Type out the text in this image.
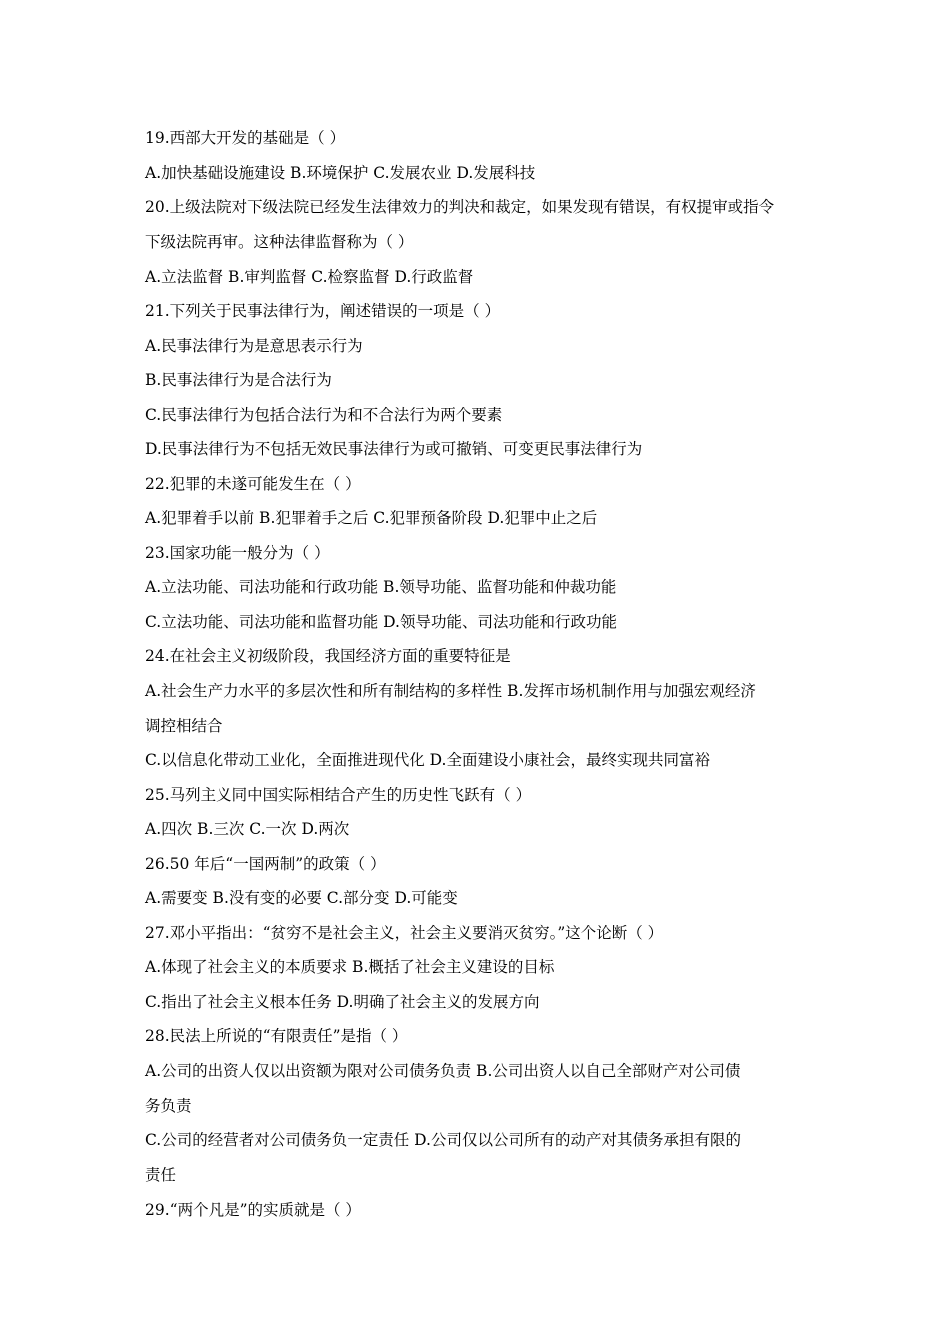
19.西部大开发的基础是（ ）
A.加快基础设施建设 B.环境保护 C.发展农业 D.发展科技
20.上级法院对下级法院已经发生法律效力的判决和裁定，如果发现有错误，有权提审或指令
下级法院再审。这种法律监督称为（ ）
A.立法监督 B.审判监督 C.检察监督 D.行政监督
21.下列关于民事法律行为，阐述错误的一项是（ ）
A.民事法律行为是意思表示行为
B.民事法律行为是合法行为
C.民事法律行为包括合法行为和不合法行为两个要素
D.民事法律行为不包括无效民事法律行为或可撤销、可变更民事法律行为
22.犯罪的未遂可能发生在（ ）
A.犯罪着手以前 B.犯罪着手之后 C.犯罪预备阶段 D.犯罪中止之后
23.国家功能一般分为（ ）
A.立法功能、司法功能和行政功能 B.领导功能、监督功能和仲裁功能
C.立法功能、司法功能和监督功能 D.领导功能、司法功能和行政功能
24.在社会主义初级阶段，我国经济方面的重要特征是
A.社会生产力水平的多层次性和所有制结构的多样性 B.发挥市场机制作用与加强宏观经济
调控相结合
C.以信息化带动工业化，全面推进现代化 D.全面建设小康社会，最终实现共同富裕
25.马列主义同中国实际相结合产生的历史性飞跃有（ ）
A.四次 B.三次 C.一次 D.两次
26.50 年后“一国两制”的政策（ ）
A.需要变 B.没有变的必要 C.部分变 D.可能变
27.邓小平指出：“贫穷不是社会主义，社会主义要消灭贫穷。”这个论断（ ）
A.体现了社会主义的本质要求 B.概括了社会主义建设的目标
C.指出了社会主义根本任务 D.明确了社会主义的发展方向
28.民法上所说的“有限责任”是指（ ）
A.公司的出资人仅以出资额为限对公司债务负责 B.公司出资人以自己全部财产对公司债
务负责
C.公司的经营者对公司债务负一定责任 D.公司仅以公司所有的动产对其债务承担有限的
责任
29.“两个凡是”的实质就是（ ）
